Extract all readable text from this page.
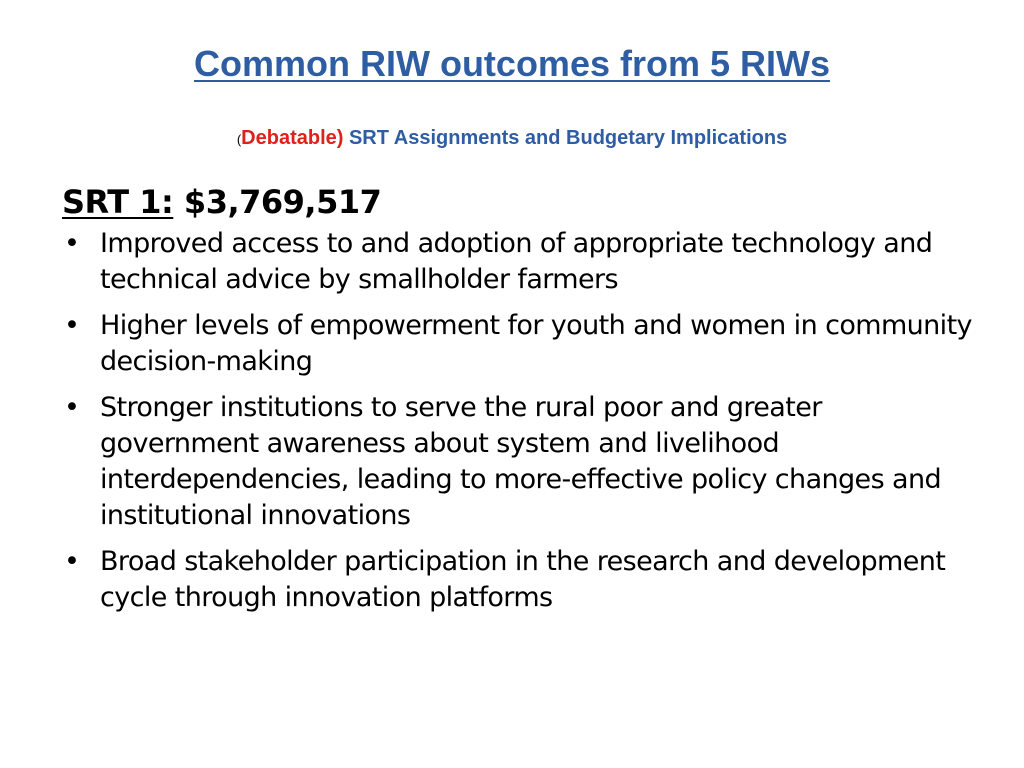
Common RIW outcomes from 5 RIWs
(Debatable) SRT Assignments and Budgetary Implications
SRT 1: $3,769,517
• Improved access to and adoption of appropriate technology and technical advice by smallholder farmers
• Higher levels of empowerment for youth and women in community decision-making
• Stronger institutions to serve the rural poor and greater government awareness about system and livelihood interdependencies, leading to more-effective policy changes and institutional innovations
• Broad stakeholder participation in the research and development cycle through innovation platforms
